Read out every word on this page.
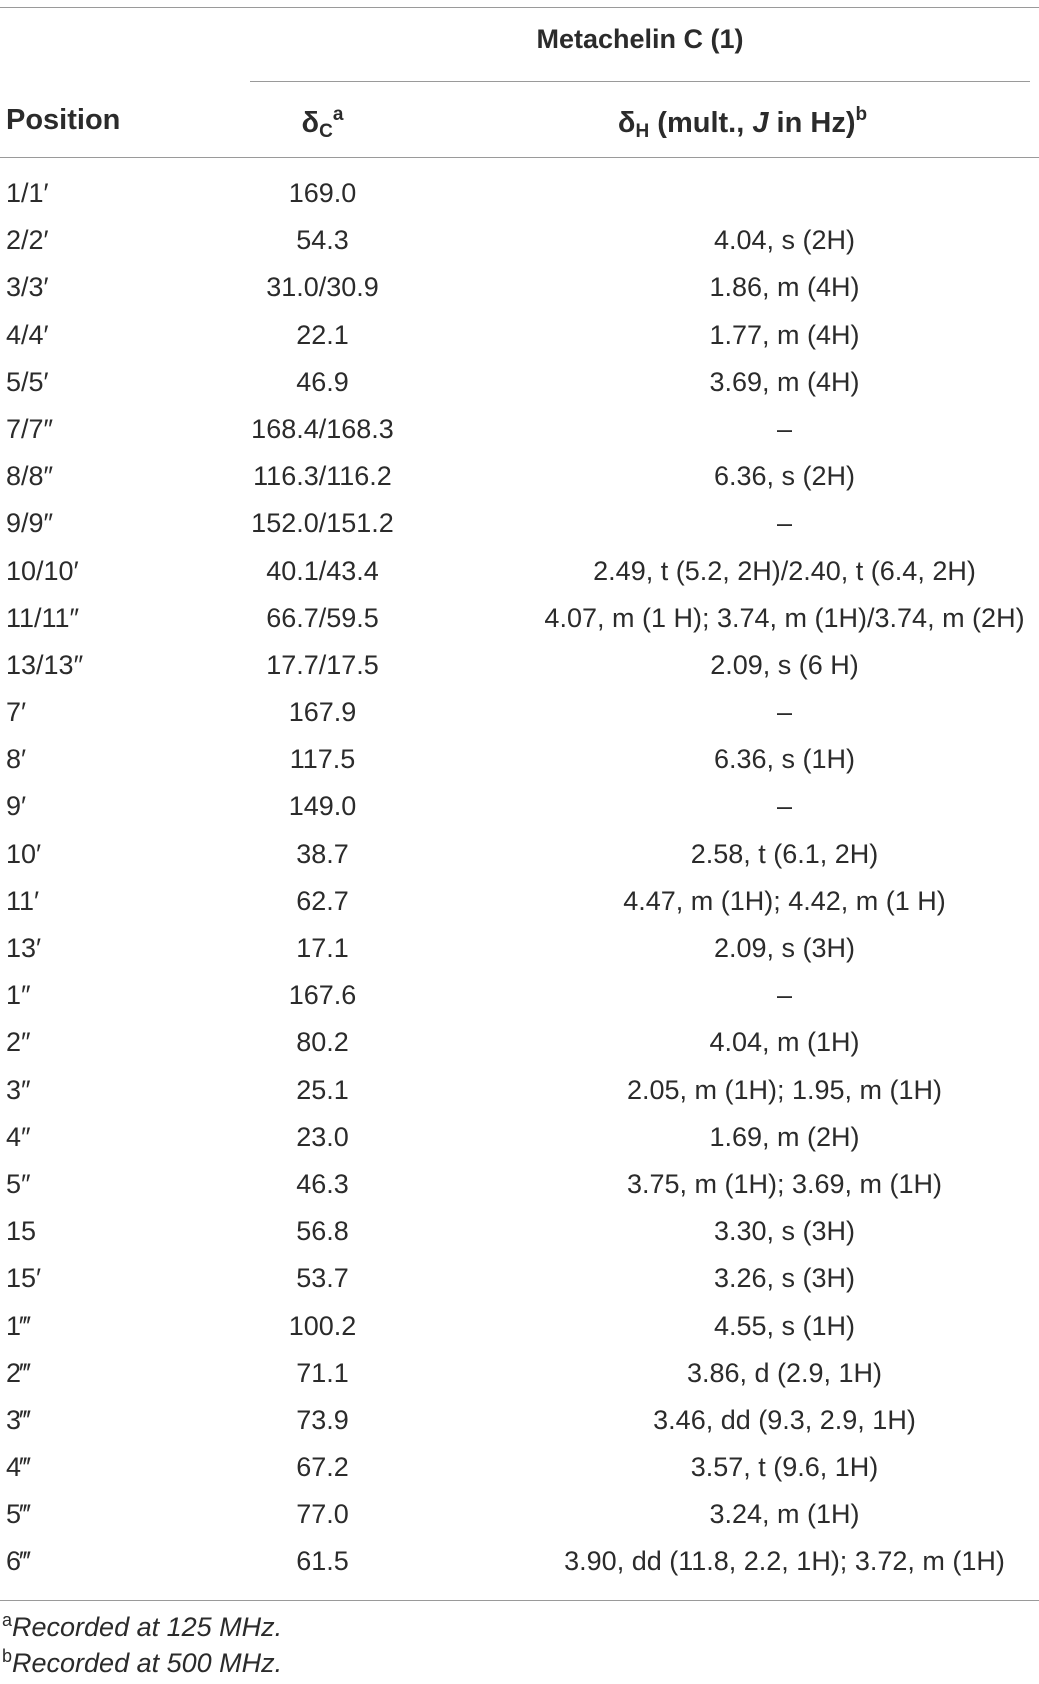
Metachelin C (1)
Position	$\delta_C^a$	$\delta_H$ (mult., J in Hz)$^b$
1/1′	169.0
2/2′	54.3	4.04, s (2H)
3/3′	31.0/30.9	1.86, m (4H)
4/4′	22.1	1.77, m (4H)
5/5′	46.9	3.69, m (4H)
7/7″	168.4/168.3	–
8/8″	116.3/116.2	6.36, s (2H)
9/9″	152.0/151.2	–
10/10′	40.1/43.4	2.49, t (5.2, 2H)/2.40, t (6.4, 2H)
11/11″	66.7/59.5	4.07, m (1 H); 3.74, m (1H)/3.74, m (2H)
13/13″	17.7/17.5	2.09, s (6 H)
7′	167.9	–
8′	117.5	6.36, s (1H)
9′	149.0	–
10′	38.7	2.58, t (6.1, 2H)
11′	62.7	4.47, m (1H); 4.42, m (1 H)
13′	17.1	2.09, s (3H)
1″	167.6	–
2″	80.2	4.04, m (1H)
3″	25.1	2.05, m (1H); 1.95, m (1H)
4″	23.0	1.69, m (2H)
5″	46.3	3.75, m (1H); 3.69, m (1H)
15	56.8	3.30, s (3H)
15′	53.7	3.26, s (3H)
1‴	100.2	4.55, s (1H)
2‴	71.1	3.86, d (2.9, 1H)
3‴	73.9	3.46, dd (9.3, 2.9, 1H)
4‴	67.2	3.57, t (9.6, 1H)
5‴	77.0	3.24, m (1H)
6‴	61.5	3.90, dd (11.8, 2.2, 1H); 3.72, m (1H)
$^a$Recorded at 125 MHz.
$^b$Recorded at 500 MHz.
